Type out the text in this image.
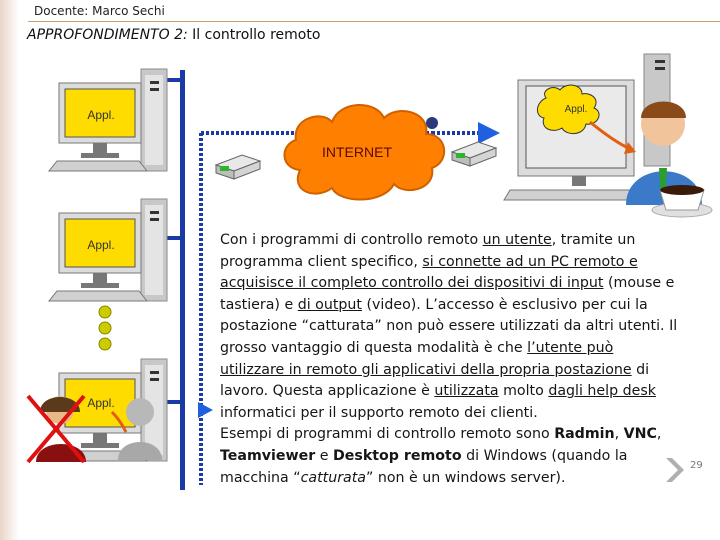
Docente: Marco Sechi
APPROFONDIMENTO 2: Il controllo remoto
INTERNET
Appl.
Appl.
Appl.
Appl.
Con i programmi di controllo remoto un utente, tramite un programma client specifico, si connette ad un PC remoto e acquisisce il completo controllo dei dispositivi di input (mouse e tastiera) e di output (video). L’accesso è esclusivo per cui la postazione “catturata” non può essere utilizzati da altri utenti. Il grosso vantaggio di questa modalità è che l’utente può utilizzare in remoto gli applicativi della propria postazione di lavoro. Questa applicazione è utilizzata molto dagli help desk informatici per il supporto remoto dei clienti.
Esempi di programmi di controllo remoto sono Radmin, VNC, Teamviewer e Desktop remoto di Windows (quando la macchina “catturata” non è un windows server).
29
